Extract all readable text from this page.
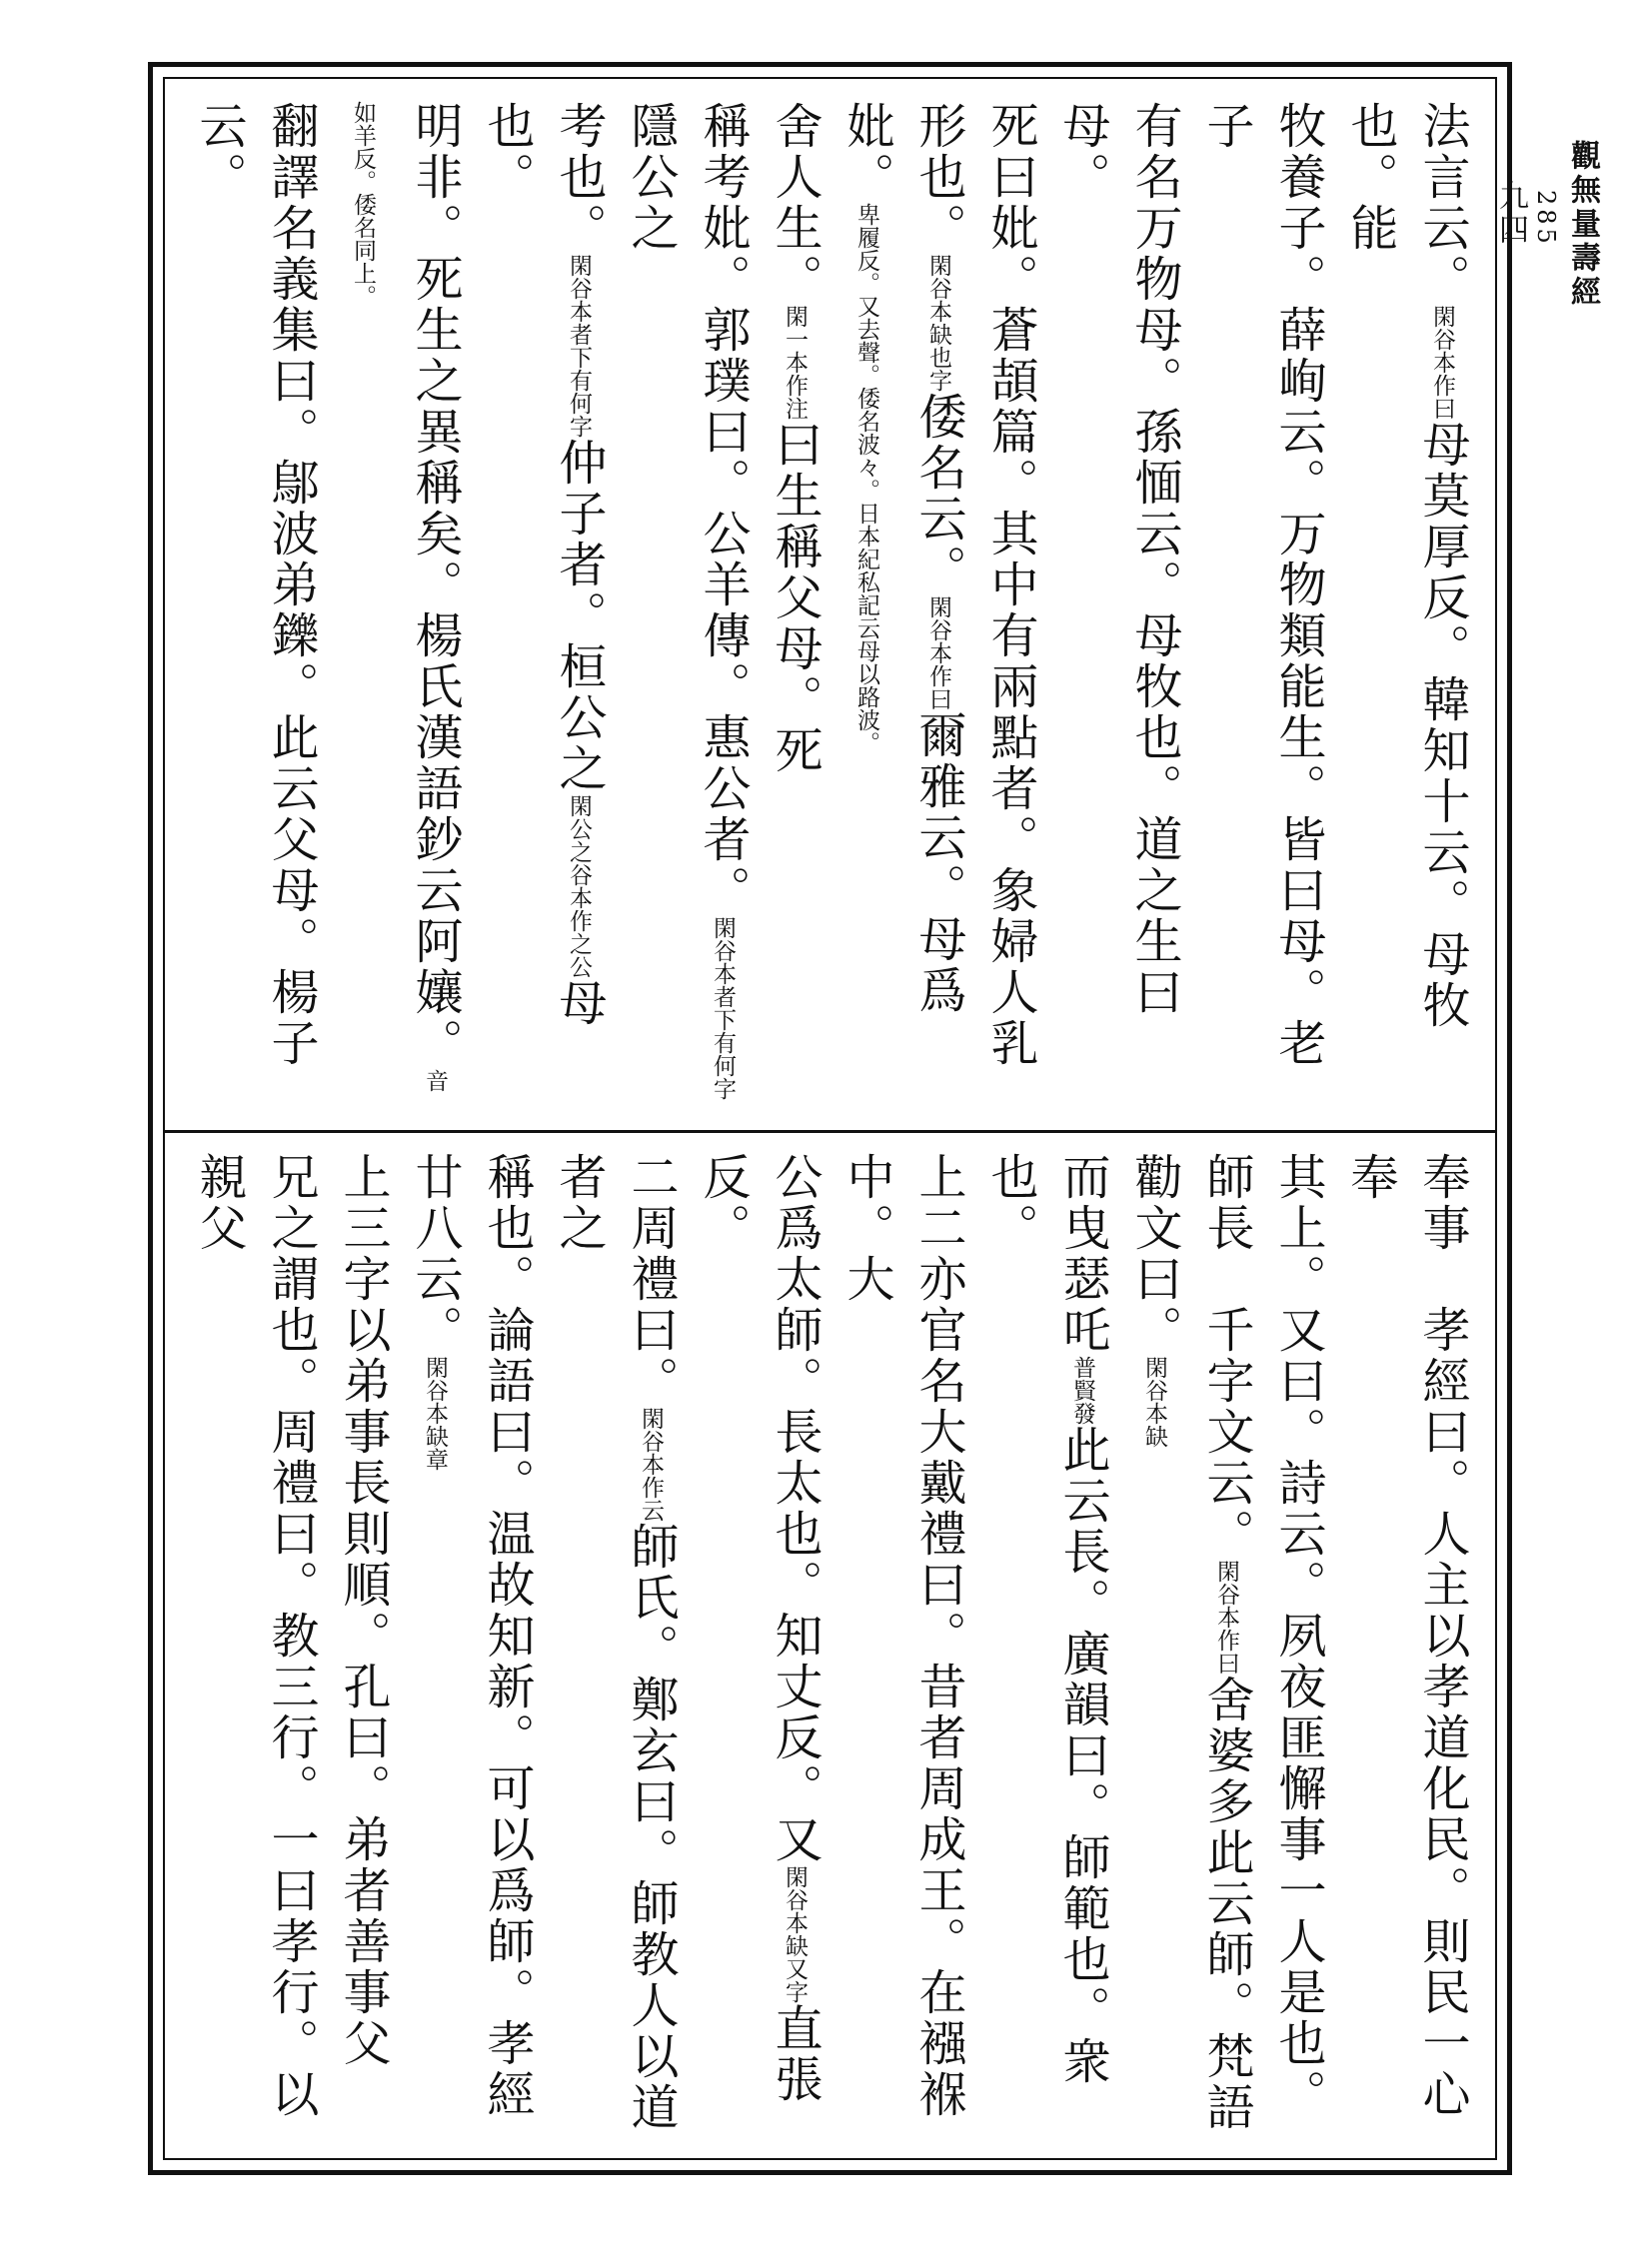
觀無量壽經
285
九四
法言云。閑谷本作曰母莫厚反。韓知十云。母牧也。能
牧養子。薛峋云。万物類能生。皆曰母。老子
有名万物母。孫愐云。母牧也。道之生曰母。
死曰妣。蒼頡篇。其中有兩點者。象婦人乳
形也。閑谷本缺也字倭名云。閑谷本作曰爾雅云。母爲妣。卑履反。又去聲。倭名波々。日本紀私記云母以路波。
舍人生。閑一本作注曰生稱父母。死
稱考妣。郭璞曰。公羊傳。惠公者。閑谷本者下有何字隱公之
考也。閑谷本者下有何字仲子者。桓公之閑公之谷本作之公母也。
明非。死生之異稱矣。楊氏漢語鈔云阿孃。音如羊反。倭名同上。
翻譯名義集曰。鄔波弟鑠。此云父母。楊子云。
奉事　孝經曰。人主以孝道化民。則民一心奉
其上。又曰。詩云。夙夜匪懈事一人是也。
師長　千字文云。閑谷本作曰舍婆多此云師。梵語勸文曰。閑谷本缺
而曳瑟吒普賢發此云長。廣韻曰。師範也。衆也。
上二亦官名大戴禮曰。昔者周成王。在襁褓中。大
公爲太師。長太也。知丈反。又閑谷本缺又字直張反。
二周禮曰。閑谷本作云師氏。鄭玄曰。師教人以道者之
稱也。論語曰。温故知新。可以爲師。孝經廿八云。閑谷本缺章
上三字以弟事長則順。孔曰。弟者善事父
兄之謂也。周禮曰。教三行。一曰孝行。以親父
